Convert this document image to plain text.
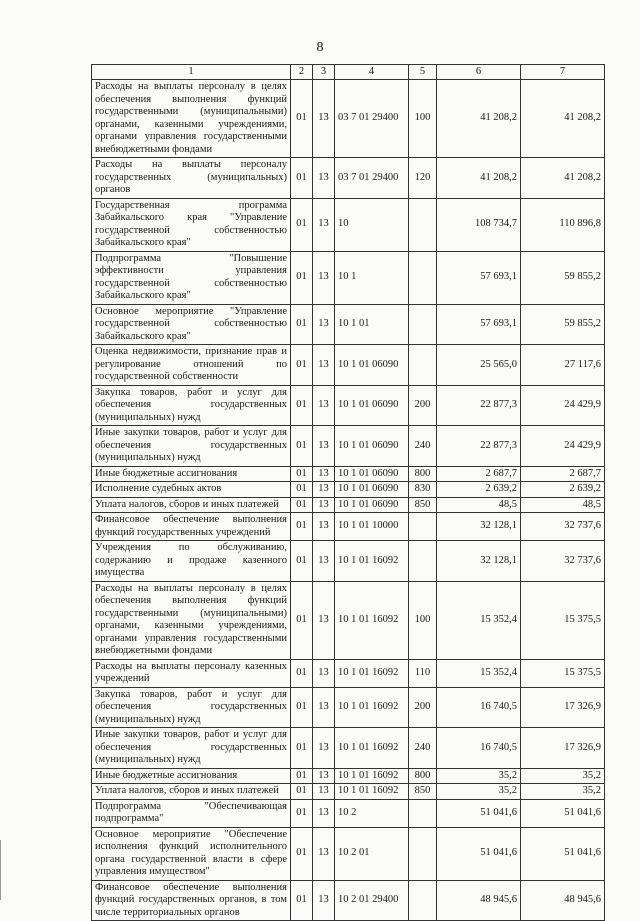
8
1	2	3	4	5	6	7
Расходы на выплаты персоналу в целях обеспечения выполнения функций государственными (муниципальными) органами, казенными учреждениями, органами управления государственными внебюджетными фондами	01	13	03 7 01 29400	100	41 208,2	41 208,2
Расходы на выплаты персоналу государственных (муниципальных) органов	01	13	03 7 01 29400	120	41 208,2	41 208,2
Государственная программа Забайкальского края "Управление государственной собственностью Забайкальского края"	01	13	10		108 734,7	110 896,8
Подпрограмма "Повышение эффективности управления государственной собственностью Забайкальского края"	01	13	10 1		57 693,1	59 855,2
Основное мероприятие "Управление государственной собственностью Забайкальского края"	01	13	10 1 01		57 693,1	59 855,2
Оценка недвижимости, признание прав и регулирование отношений по государственной собственности	01	13	10 1 01 06090		25 565,0	27 117,6
Закупка товаров, работ и услуг для обеспечения государственных (муниципальных) нужд	01	13	10 1 01 06090	200	22 877,3	24 429,9
Иные закупки товаров, работ и услуг для обеспечения государственных (муниципальных) нужд	01	13	10 1 01 06090	240	22 877,3	24 429,9
Иные бюджетные ассигнования	01	13	10 1 01 06090	800	2 687,7	2 687,7
Исполнение судебных актов	01	13	10 1 01 06090	830	2 639,2	2 639,2
Уплата налогов, сборов и иных платежей	01	13	10 1 01 06090	850	48,5	48,5
Финансовое обеспечение выполнения функций государственных учреждений	01	13	10 1 01 10000		32 128,1	32 737,6
Учреждения по обслуживанию, содержанию и продаже казенного имущества	01	13	10 1 01 16092		32 128,1	32 737,6
Расходы на выплаты персоналу в целях обеспечения выполнения функций государственными (муниципальными) органами, казенными учреждениями, органами управления государственными внебюджетными фондами	01	13	10 1 01 16092	100	15 352,4	15 375,5
Расходы на выплаты персоналу казенных учреждений	01	13	10 1 01 16092	110	15 352,4	15 375,5
Закупка товаров, работ и услуг для обеспечения государственных (муниципальных) нужд	01	13	10 1 01 16092	200	16 740,5	17 326,9
Иные закупки товаров, работ и услуг для обеспечения государственных (муниципальных) нужд	01	13	10 1 01 16092	240	16 740,5	17 326,9
Иные бюджетные ассигнования	01	13	10 1 01 16092	800	35,2	35,2
Уплата налогов, сборов и иных платежей	01	13	10 1 01 16092	850	35,2	35,2
Подпрограмма "Обеспечивающая подпрограмма"	01	13	10 2		51 041,6	51 041,6
Основное мероприятие "Обеспечение исполнения функций исполнительного органа государственной власти в сфере управления имуществом"	01	13	10 2 01		51 041,6	51 041,6
Финансовое обеспечение выполнения функций государственных органов, в том числе территориальных органов	01	13	10 2 01 29400		48 945,6	48 945,6
